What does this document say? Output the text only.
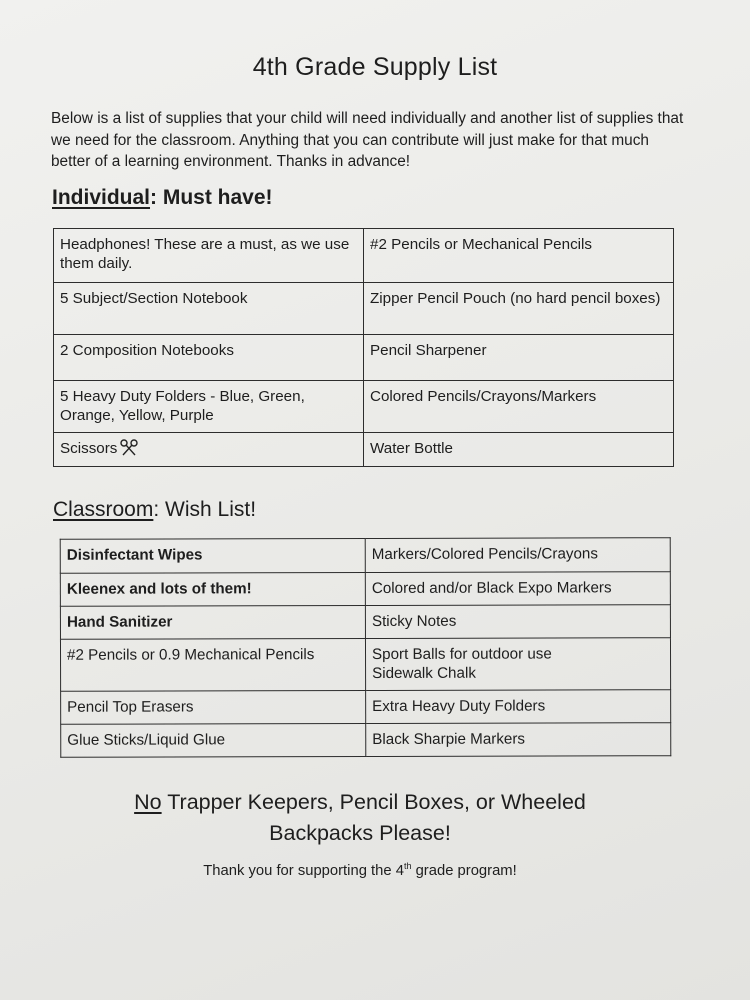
4th Grade Supply List
Below is a list of supplies that your child will need individually and another list of supplies that we need for the classroom. Anything that you can contribute will just make for that much better of a learning environment. Thanks in advance!
Individual: Must have!
Headphones! These are a must, as we use them daily.	#2 Pencils or Mechanical Pencils
5 Subject/Section Notebook	Zipper Pencil Pouch (no hard pencil boxes)
2 Composition Notebooks	Pencil Sharpener
5 Heavy Duty Folders - Blue, Green, Orange, Yellow, Purple	Colored Pencils/Crayons/Markers
Scissors	Water Bottle
Classroom: Wish List!
Disinfectant Wipes	Markers/Colored Pencils/Crayons
Kleenex and lots of them!	Colored and/or Black Expo Markers
Hand Sanitizer	Sticky Notes
#2 Pencils or 0.9 Mechanical Pencils	Sport Balls for outdoor use
Sidewalk Chalk

Pencil Top Erasers	Extra Heavy Duty Folders
Glue Sticks/Liquid Glue	Black Sharpie Markers
No Trapper Keepers, Pencil Boxes, or Wheeled
Backpacks Please!
Thank you for supporting the 4th grade program!
